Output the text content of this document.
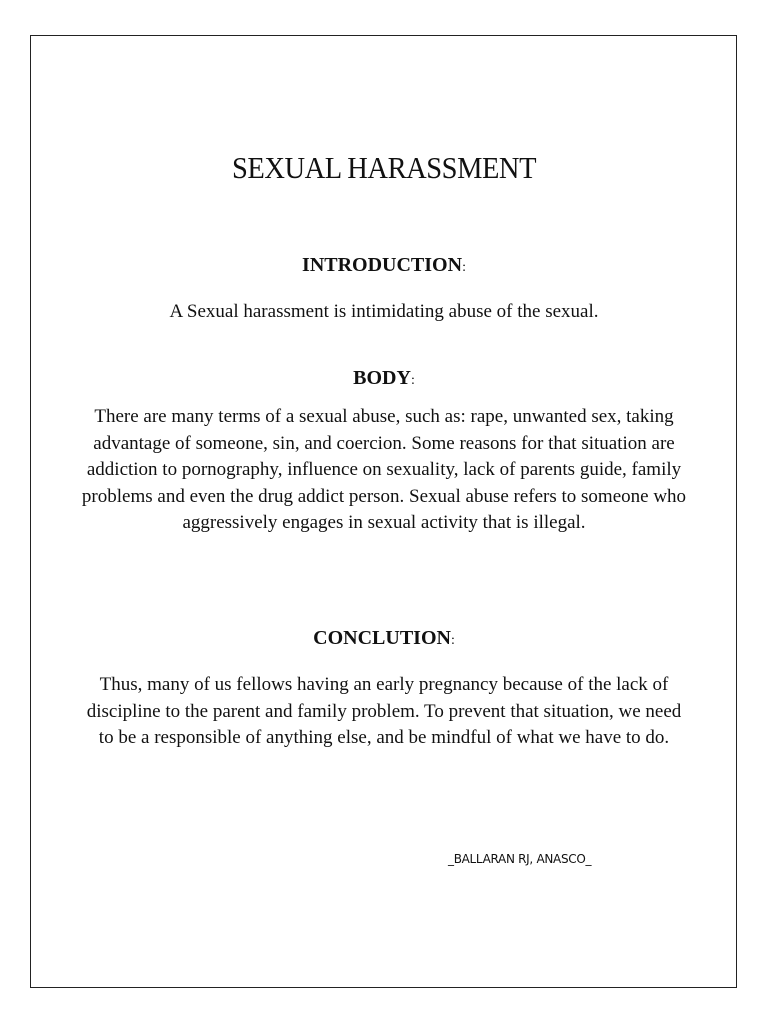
SEXUAL HARASSMENT
INTRODUCTION:

A Sexual harassment is intimidating abuse of the sexual.

BODY:

There are many terms of a sexual abuse, such as: rape, unwanted sex, taking advantage of someone, sin, and coercion. Some reasons for that situation are addiction to pornography, influence on sexuality, lack of parents guide, family problems and even the drug addict person. Sexual abuse refers to someone who aggressively engages in sexual activity that is illegal.

CONCLUTION:

Thus, many of us fellows having an early pregnancy because of the lack of discipline to the parent and family problem. To prevent that situation, we need to be a responsible of anything else, and be mindful of what we have to do.

_BALLARAN RJ, ANASCO_
